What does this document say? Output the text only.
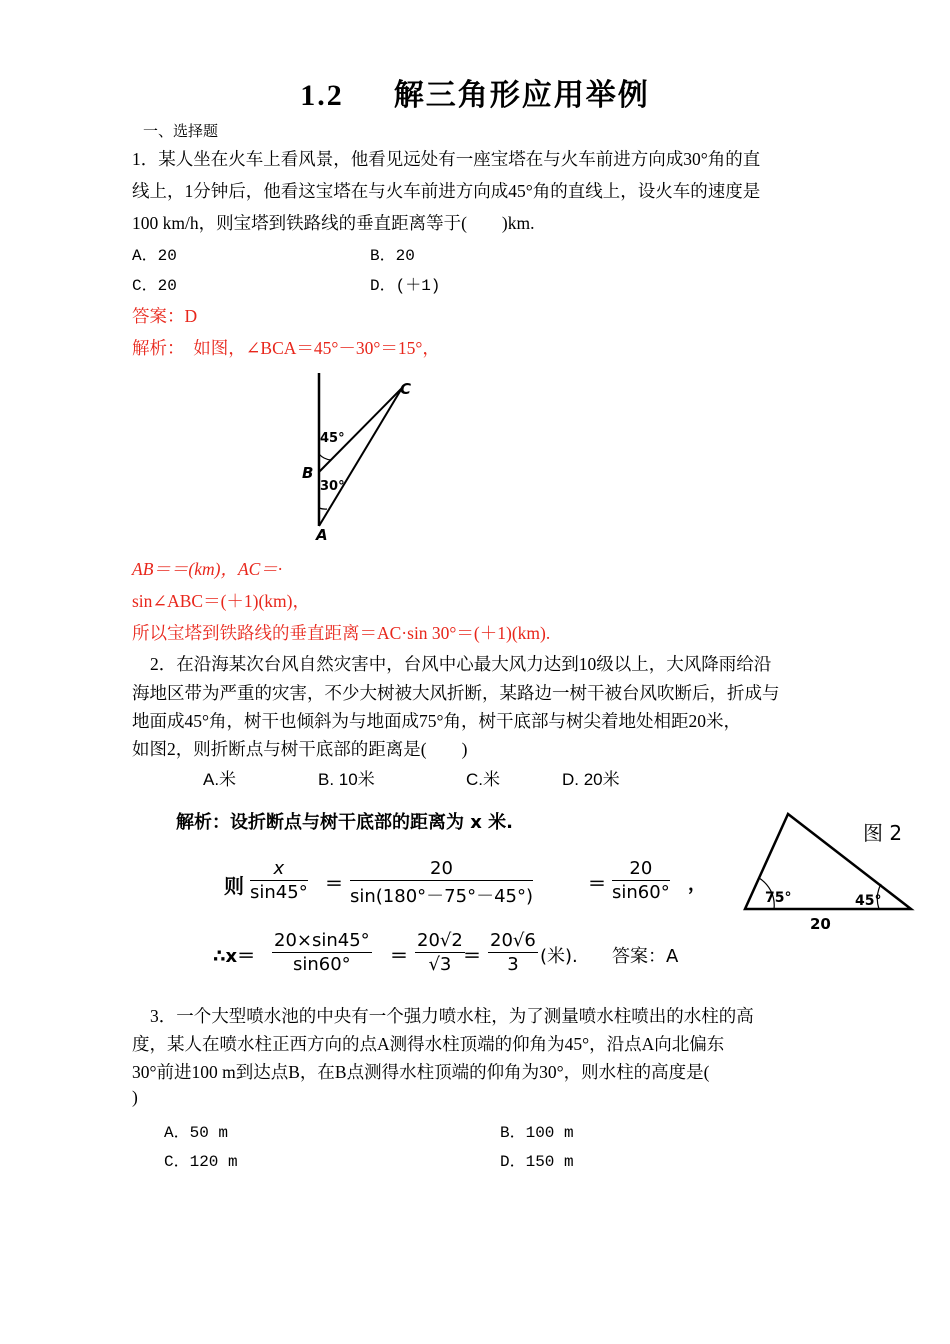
1.2 解三角形应用举例
一、选择题
1．某人坐在火车上看风景，他看见远处有一座宝塔在与火车前进方向成30°角的直
线上，1分钟后，他看这宝塔在与火车前进方向成45°角的直线上，设火车的速度是
100 km/h，则宝塔到铁路线的垂直距离等于(　　)km.
A．20	B．20
C．20	D．(＋1)
答案：D
解析：　如图，∠BCA＝45°－30°＝15°，
C
45°
B
30°
A
AB＝＝(km)，AC＝·
sin∠ABC＝(＋1)(km)，
所以宝塔到铁路线的垂直距离＝AC·sin 30°＝(＋1)(km).
2．在沿海某次台风自然灾害中，台风中心最大风力达到10级以上，大风降雨给沿
海地区带为严重的灾害，不少大树被大风折断，某路边一树干被台风吹断后，折成与
地面成45°角，树干也倾斜为与地面成75°角，树干底部与树尖着地处相距20米，
如图2，则折断点与树干底部的距离是(　　)
A.米	B. 10米	C.米	D. 20米
解析：设折断点与树干底部的距离为 x 米.
则 $\frac{x}{\sin 45^\circ} = \frac{20}{\sin(180^\circ-75^\circ-45^\circ)}$	＝ $\frac{20}{\sin 60^\circ}$ ，
∴x＝ $\frac{20\times\sin 45^\circ}{\sin 60^\circ} = \frac{20√2}{√3}$
＝ $\frac{20√6}{3}$ (米). 答案：A
图 2
75°	45°
20
3．一个大型喷水池的中央有一个强力喷水柱，为了测量喷水柱喷出的水柱的高
度，某人在喷水柱正西方向的点A测得水柱顶端的仰角为45°，沿点A向北偏东
30°前进100 m到达点B，在B点测得水柱顶端的仰角为30°，则水柱的高度是(
)
A．50 m	B．100 m
C．120 m	D．150 m
